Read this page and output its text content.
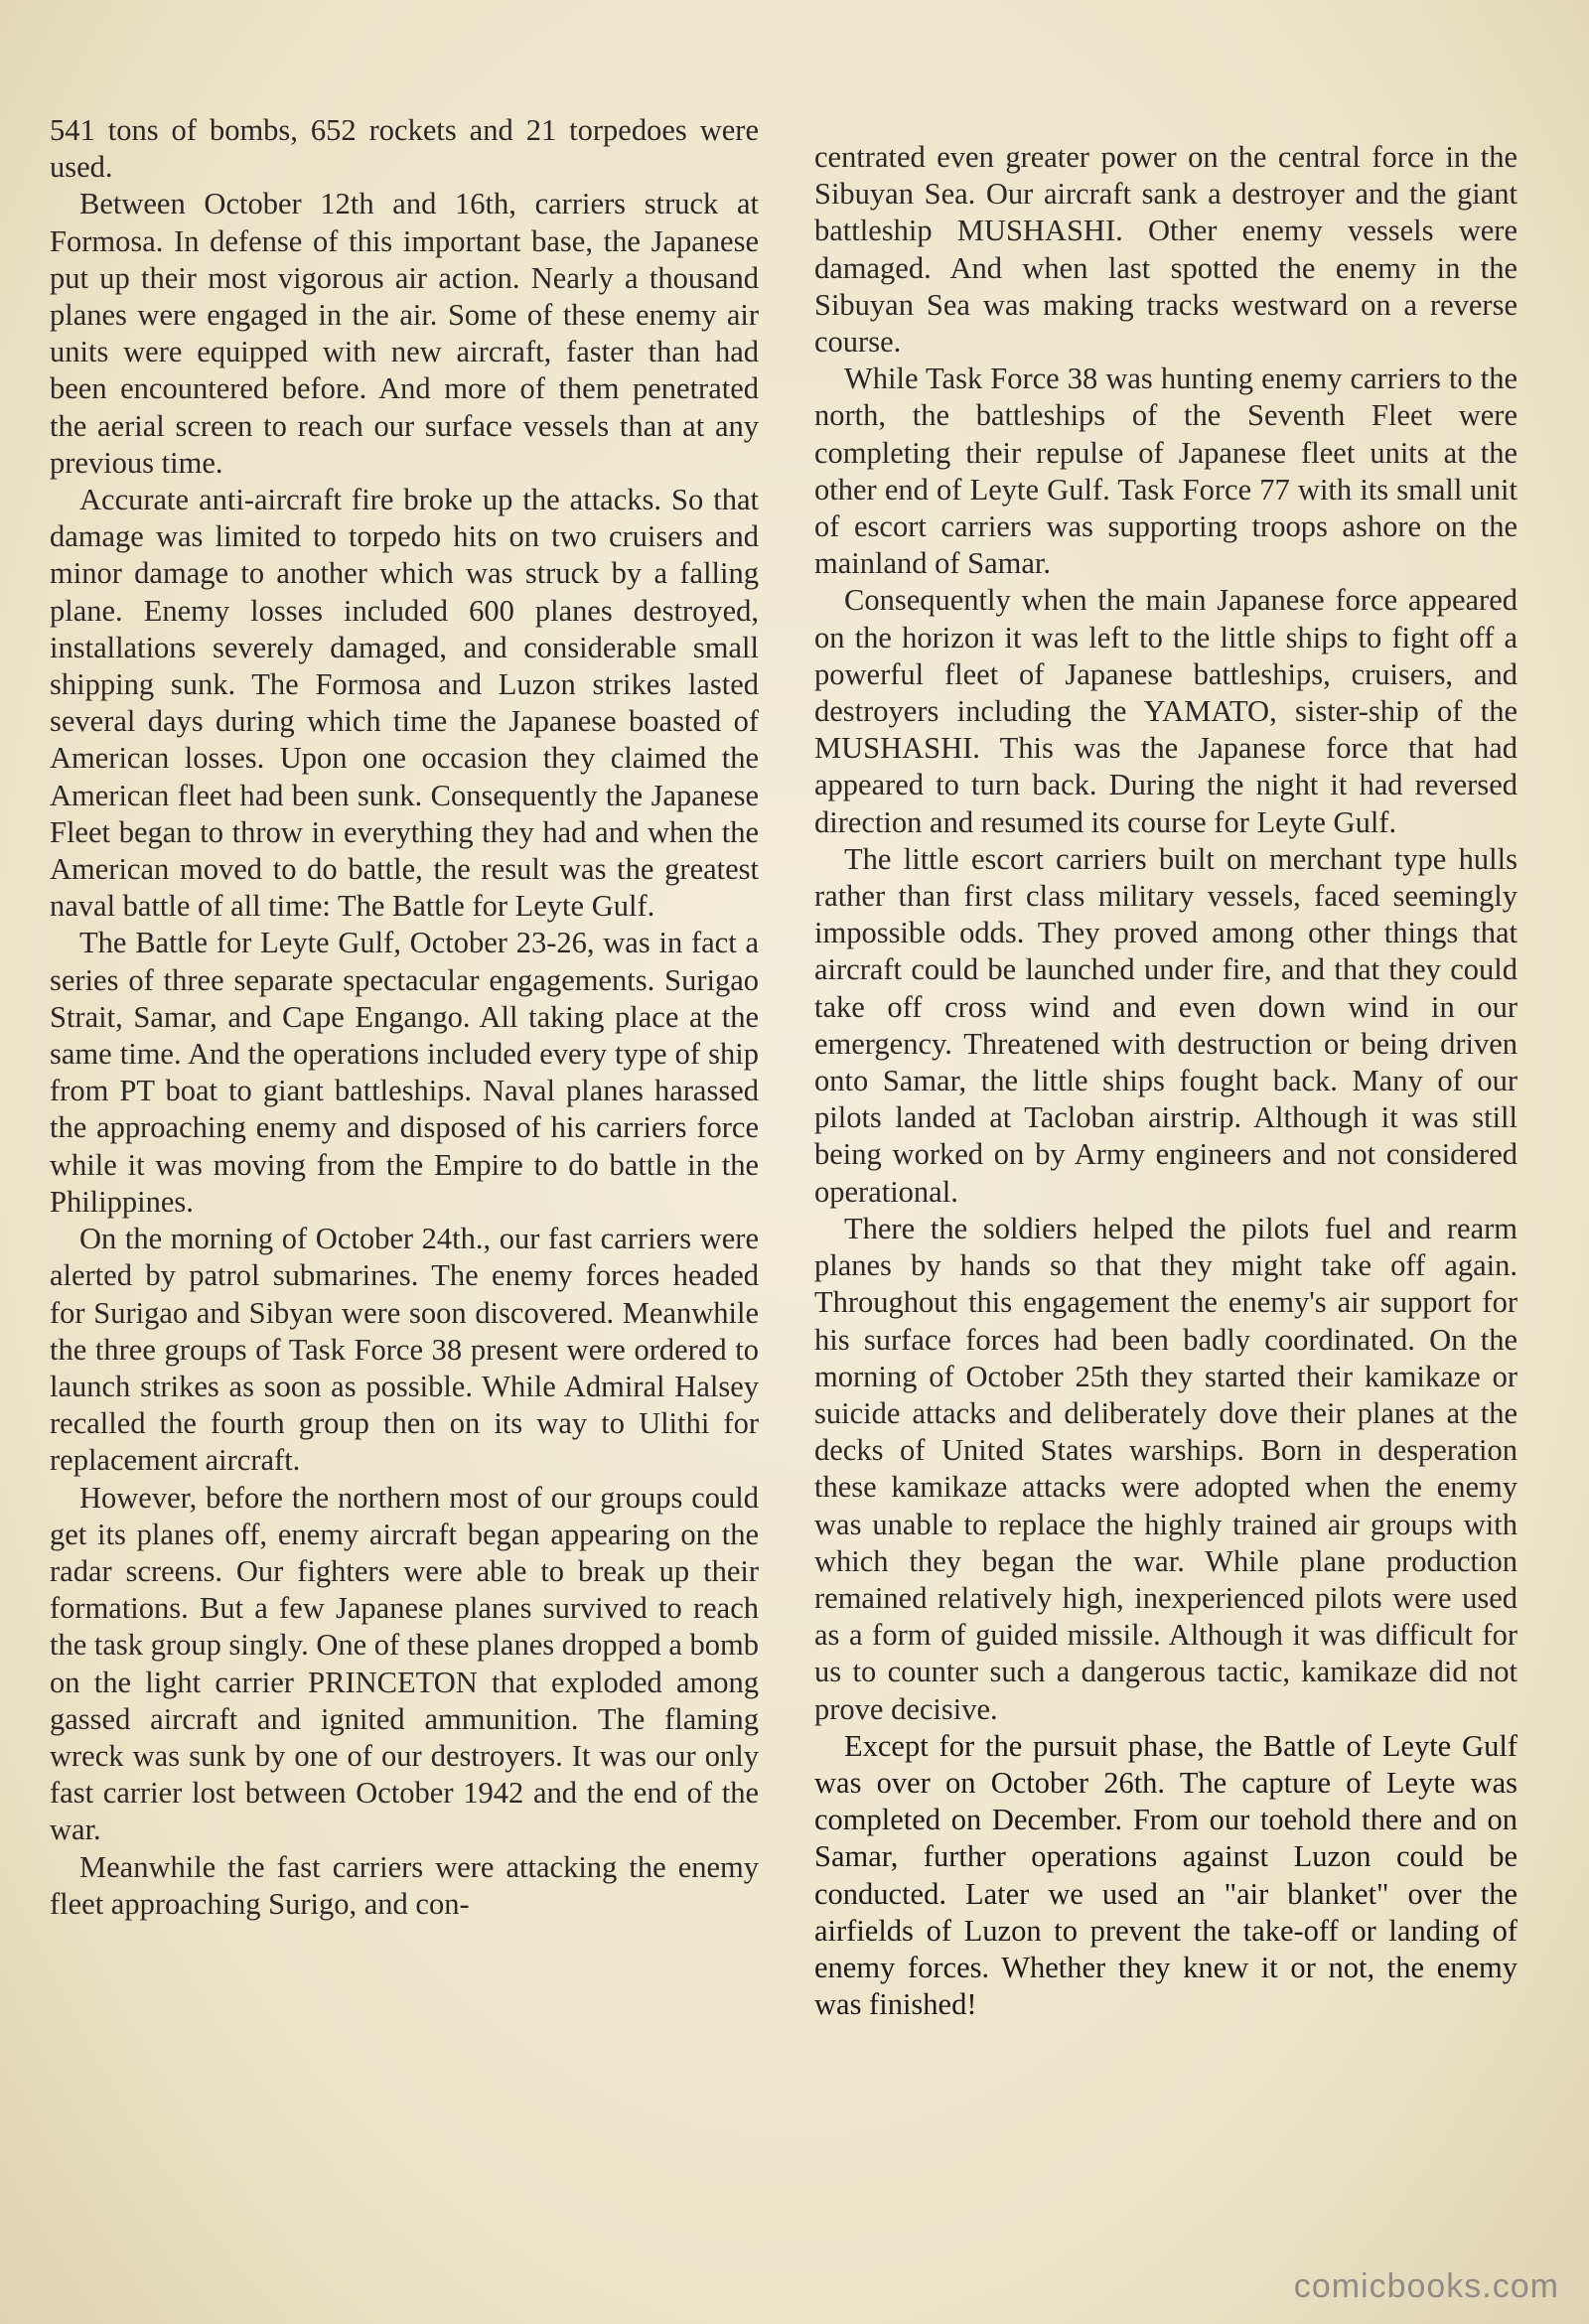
541 tons of bombs, 652 rockets and 21 torpedoes were used.

Between October 12th and 16th, carriers struck at Formosa. In defense of this important base, the Japanese put up their most vigorous air action. Nearly a thousand planes were engaged in the air. Some of these enemy air units were equipped with new aircraft, faster than had been encountered before. And more of them penetrated the aerial screen to reach our surface vessels than at any previous time.

Accurate anti-aircraft fire broke up the attacks. So that damage was limited to torpedo hits on two cruisers and minor damage to another which was struck by a falling plane. Enemy losses included 600 planes destroyed, installations severely damaged, and considerable small shipping sunk. The Formosa and Luzon strikes lasted several days during which time the Japanese boasted of American losses. Upon one occasion they claimed the American fleet had been sunk. Consequently the Japanese Fleet began to throw in everything they had and when the American moved to do battle, the result was the greatest naval battle of all time: The Battle for Leyte Gulf.

The Battle for Leyte Gulf, October 23-26, was in fact a series of three separate spectacular engagements. Surigao Strait, Samar, and Cape Engango. All taking place at the same time. And the operations included every type of ship from PT boat to giant battleships. Naval planes harassed the approaching enemy and disposed of his carriers force while it was moving from the Empire to do battle in the Philippines.

On the morning of October 24th., our fast carriers were alerted by patrol submarines. The enemy forces headed for Surigao and Sibyan were soon discovered. Meanwhile the three groups of Task Force 38 present were ordered to launch strikes as soon as possible. While Admiral Halsey recalled the fourth group then on its way to Ulithi for replacement aircraft.

However, before the northern most of our groups could get its planes off, enemy aircraft began appearing on the radar screens. Our fighters were able to break up their formations. But a few Japanese planes survived to reach the task group singly. One of these planes dropped a bomb on the light carrier PRINCETON that exploded among gassed aircraft and ignited ammunition. The flaming wreck was sunk by one of our destroyers. It was our only fast carrier lost between October 1942 and the end of the war.

Meanwhile the fast carriers were attacking the enemy fleet approaching Surigo, and con-

centrated even greater power on the central force in the Sibuyan Sea. Our aircraft sank a destroyer and the giant battleship MUSHASHI. Other enemy vessels were damaged. And when last spotted the enemy in the Sibuyan Sea was making tracks westward on a reverse course.

While Task Force 38 was hunting enemy carriers to the north, the battleships of the Seventh Fleet were completing their repulse of Japanese fleet units at the other end of Leyte Gulf. Task Force 77 with its small unit of escort carriers was supporting troops ashore on the mainland of Samar.

Consequently when the main Japanese force appeared on the horizon it was left to the little ships to fight off a powerful fleet of Japanese battleships, cruisers, and destroyers including the YAMATO, sister-ship of the MUSHASHI. This was the Japanese force that had appeared to turn back. During the night it had reversed direction and resumed its course for Leyte Gulf.

The little escort carriers built on merchant type hulls rather than first class military vessels, faced seemingly impossible odds. They proved among other things that aircraft could be launched under fire, and that they could take off cross wind and even down wind in our emergency. Threatened with destruction or being driven onto Samar, the little ships fought back. Many of our pilots landed at Tacloban airstrip. Although it was still being worked on by Army engineers and not considered operational.

There the soldiers helped the pilots fuel and rearm planes by hands so that they might take off again. Throughout this engagement the enemy's air support for his surface forces had been badly coordinated. On the morning of October 25th they started their kamikaze or suicide attacks and deliberately dove their planes at the decks of United States warships. Born in desperation these kamikaze attacks were adopted when the enemy was unable to replace the highly trained air groups with which they began the war. While plane production remained relatively high, inexperienced pilots were used as a form of guided missile. Although it was difficult for us to counter such a dangerous tactic, kamikaze did not prove decisive.

Except for the pursuit phase, the Battle of Leyte Gulf was over on October 26th. The capture of Leyte was completed on December. From our toehold there and on Samar, further operations against Luzon could be conducted. Later we used an "air blanket" over the airfields of Luzon to prevent the take-off or landing of enemy forces. Whether they knew it or not, the enemy was finished!

comicbooks.com
